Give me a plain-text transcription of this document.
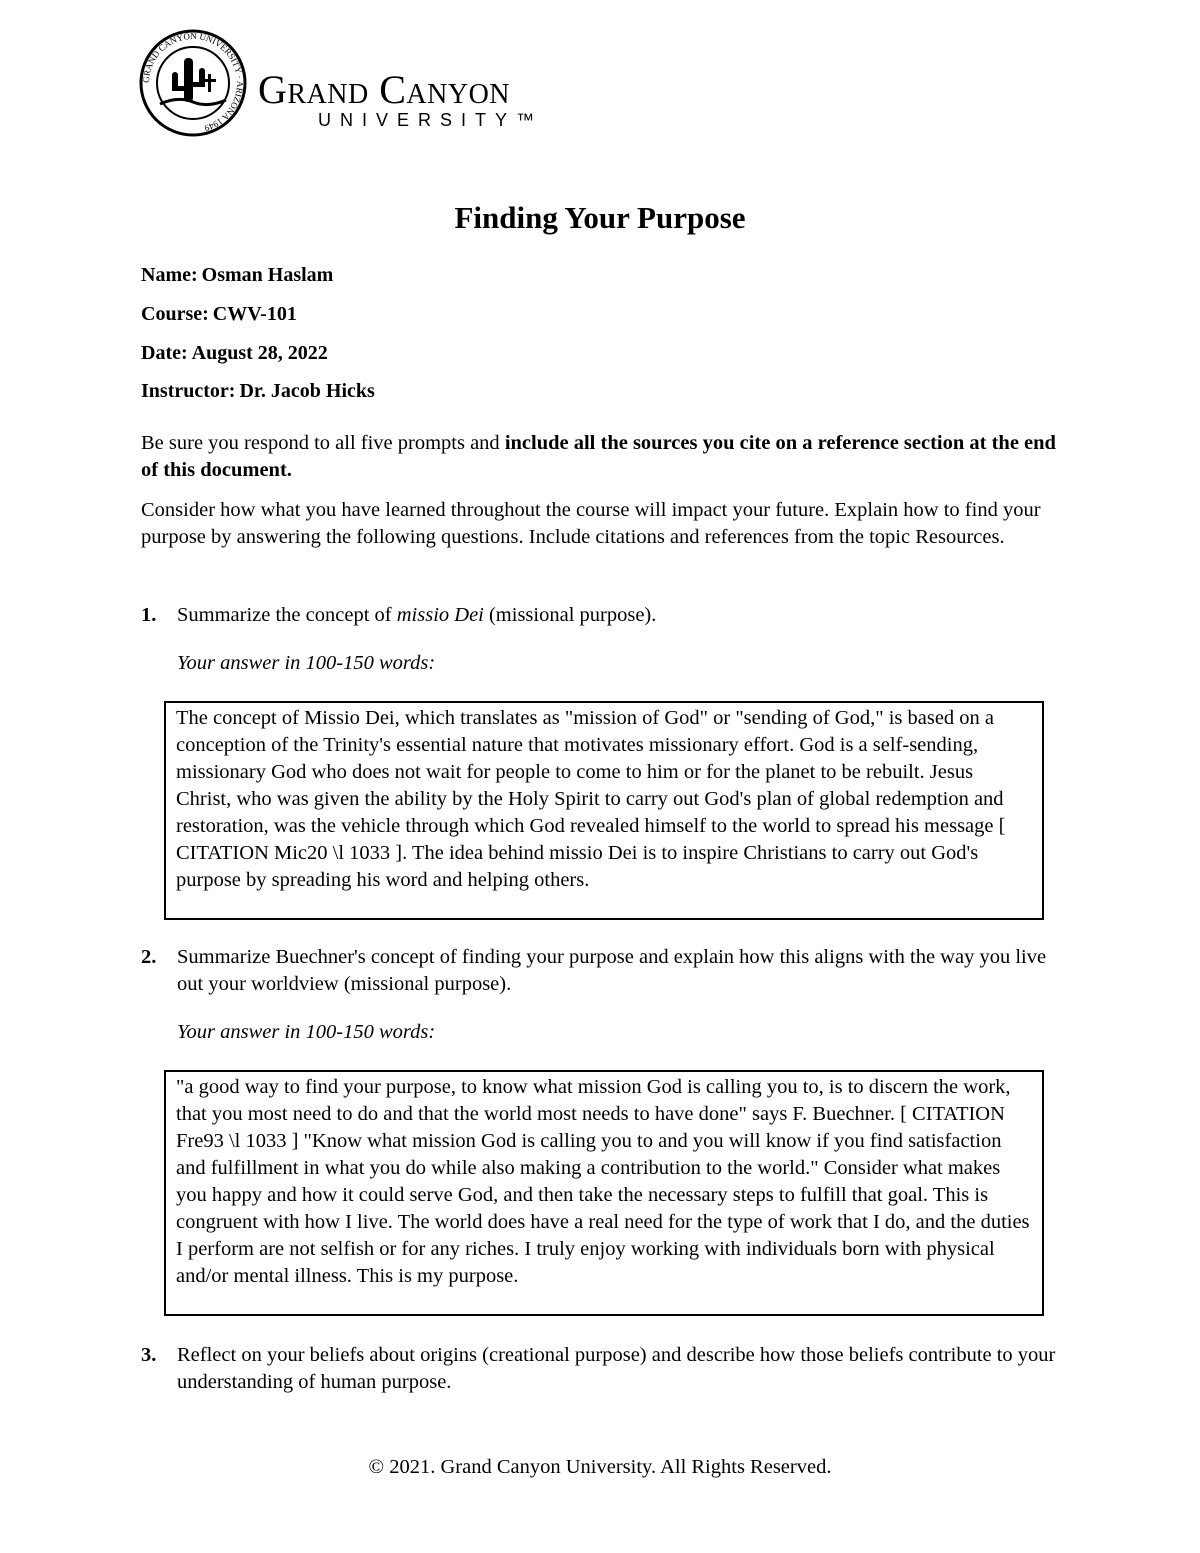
GRAND CANYON UNIVERSITY · ARIZONA 1949
Grand Canyon
UNIVERSITY™
Finding Your Purpose
Name: Osman Haslam
Course: CWV-101
Date: August 28, 2022
Instructor: Dr. Jacob Hicks
Be sure you respond to all five prompts and include all the sources you cite on a reference section at the end of this document.
Consider how what you have learned throughout the course will impact your future. Explain how to find your purpose by answering the following questions. Include citations and references from the topic Resources.
1. Summarize the concept of missio Dei (missional purpose).
Your answer in 100-150 words:
The concept of Missio Dei, which translates as "mission of God" or "sending of God," is based on a conception of the Trinity's essential nature that motivates missionary effort. God is a self-sending, missionary God who does not wait for people to come to him or for the planet to be rebuilt. Jesus Christ, who was given the ability by the Holy Spirit to carry out God's plan of global redemption and restoration, was the vehicle through which God revealed himself to the world to spread his message [ CITATION Mic20 \l 1033 ]. The idea behind missio Dei is to inspire Christians to carry out God's purpose by spreading his word and helping others.
2. Summarize Buechner's concept of finding your purpose and explain how this aligns with the way you live out your worldview (missional purpose).
Your answer in 100-150 words:
"a good way to find your purpose, to know what mission God is calling you to, is to discern the work, that you most need to do and that the world most needs to have done" says F. Buechner. [ CITATION Fre93 \l 1033 ] "Know what mission God is calling you to and you will know if you find satisfaction and fulfillment in what you do while also making a contribution to the world." Consider what makes you happy and how it could serve God, and then take the necessary steps to fulfill that goal. This is congruent with how I live. The world does have a real need for the type of work that I do, and the duties I perform are not selfish or for any riches. I truly enjoy working with individuals born with physical and/or mental illness. This is my purpose.
3. Reflect on your beliefs about origins (creational purpose) and describe how those beliefs contribute to your understanding of human purpose.
© 2021. Grand Canyon University. All Rights Reserved.
